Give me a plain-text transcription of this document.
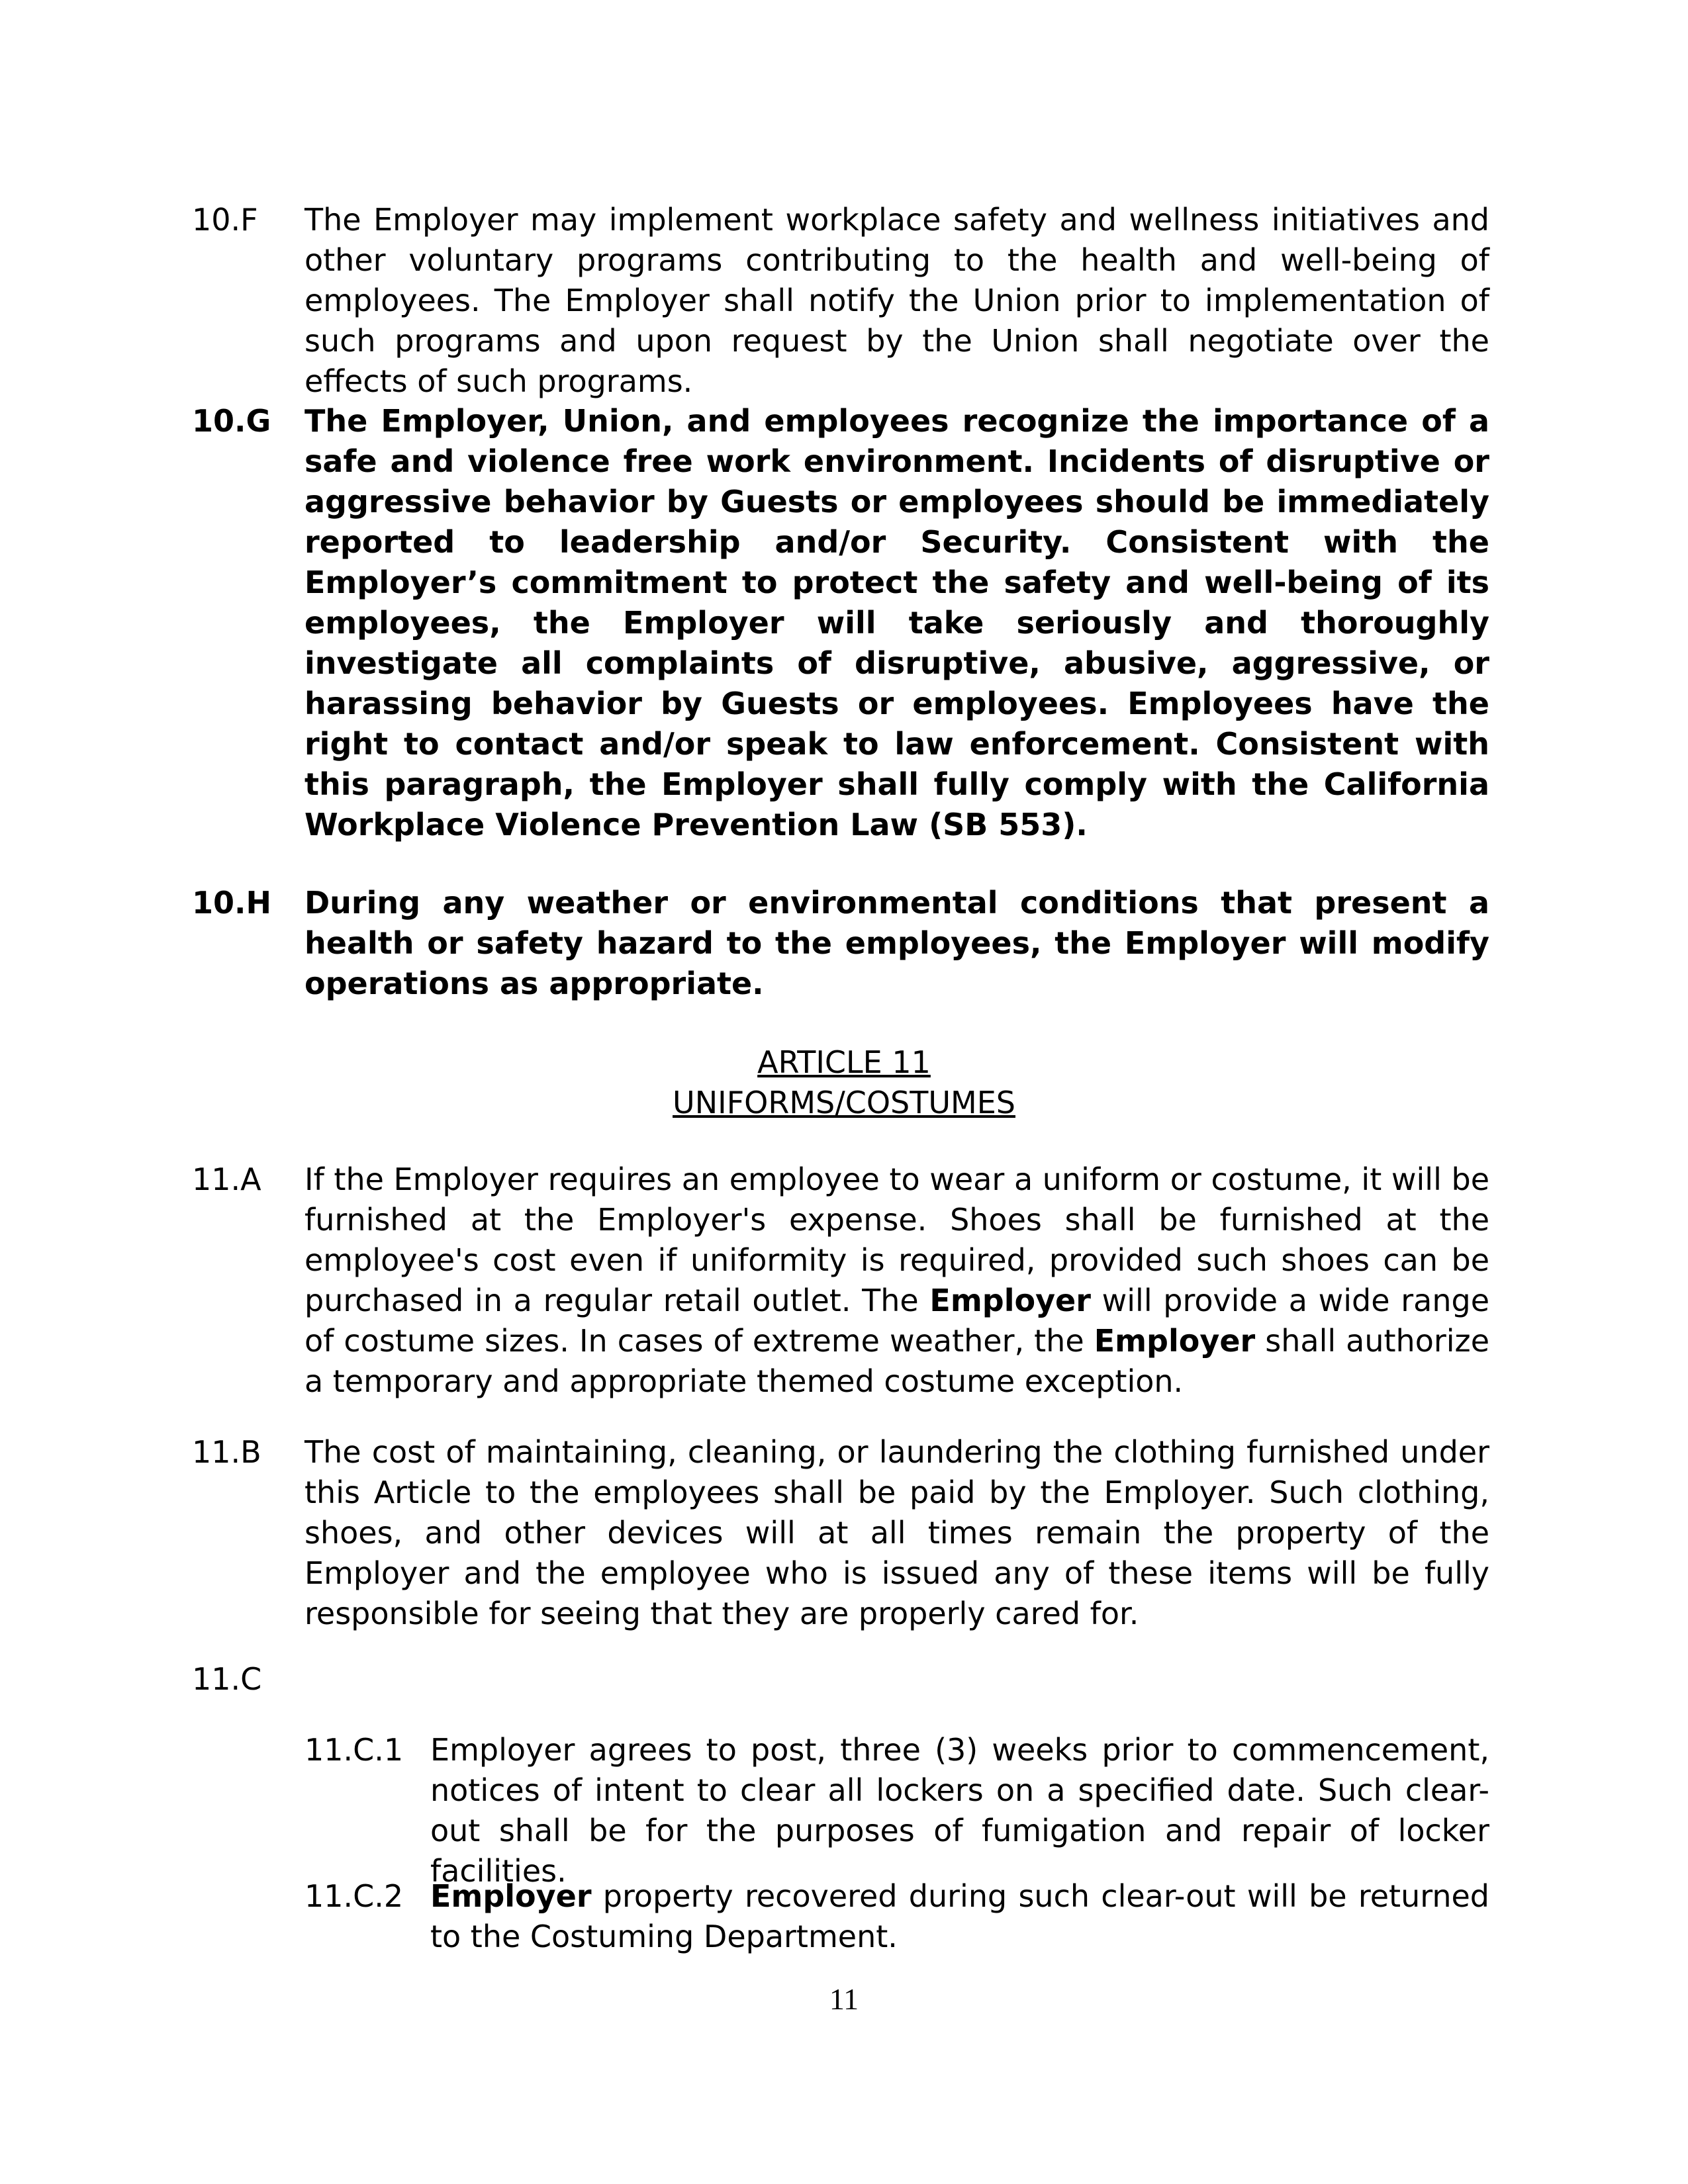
10.F	The Employer may implement workplace safety and wellness initiatives and other voluntary programs contributing to the health and well-being of employees. The Employer shall notify the Union prior to implementation of such programs and upon request by the Union shall negotiate over the effects of such programs.
10.G	The Employer, Union, and employees recognize the importance of a safe and violence free work environment. Incidents of disruptive or aggressive behavior by Guests or employees should be immediately reported to leadership and/or Security. Consistent with the Employer’s commitment to protect the safety and well-being of its employees, the Employer will take seriously and thoroughly investigate all complaints of disruptive, abusive, aggressive, or harassing behavior by Guests or employees. Employees have the right to contact and/or speak to law enforcement. Consistent with this paragraph, the Employer shall fully comply with the California Workplace Violence Prevention Law (SB 553).
10.H	During any weather or environmental conditions that present a health or safety hazard to the employees, the Employer will modify operations as appropriate.
ARTICLE 11
UNIFORMS/COSTUMES
11.A	If the Employer requires an employee to wear a uniform or costume, it will be furnished at the Employer's expense. Shoes shall be furnished at the employee's cost even if uniformity is required, provided such shoes can be purchased in a regular retail outlet. The Employer will provide a wide range of costume sizes. In cases of extreme weather, the Employer shall authorize a temporary and appropriate themed costume exception.
11.B	The cost of maintaining, cleaning, or laundering the clothing furnished under this Article to the employees shall be paid by the Employer. Such clothing, shoes, and other devices will at all times remain the property of the Employer and the employee who is issued any of these items will be fully responsible for seeing that they are properly cared for.
11.C
11.C.1 Employer agrees to post, three (3) weeks prior to commencement, notices of intent to clear all lockers on a specified date. Such clear-out shall be for the purposes of fumigation and repair of locker facilities.
11.C.2 Employer property recovered during such clear-out will be returned to the Costuming Department.
11
